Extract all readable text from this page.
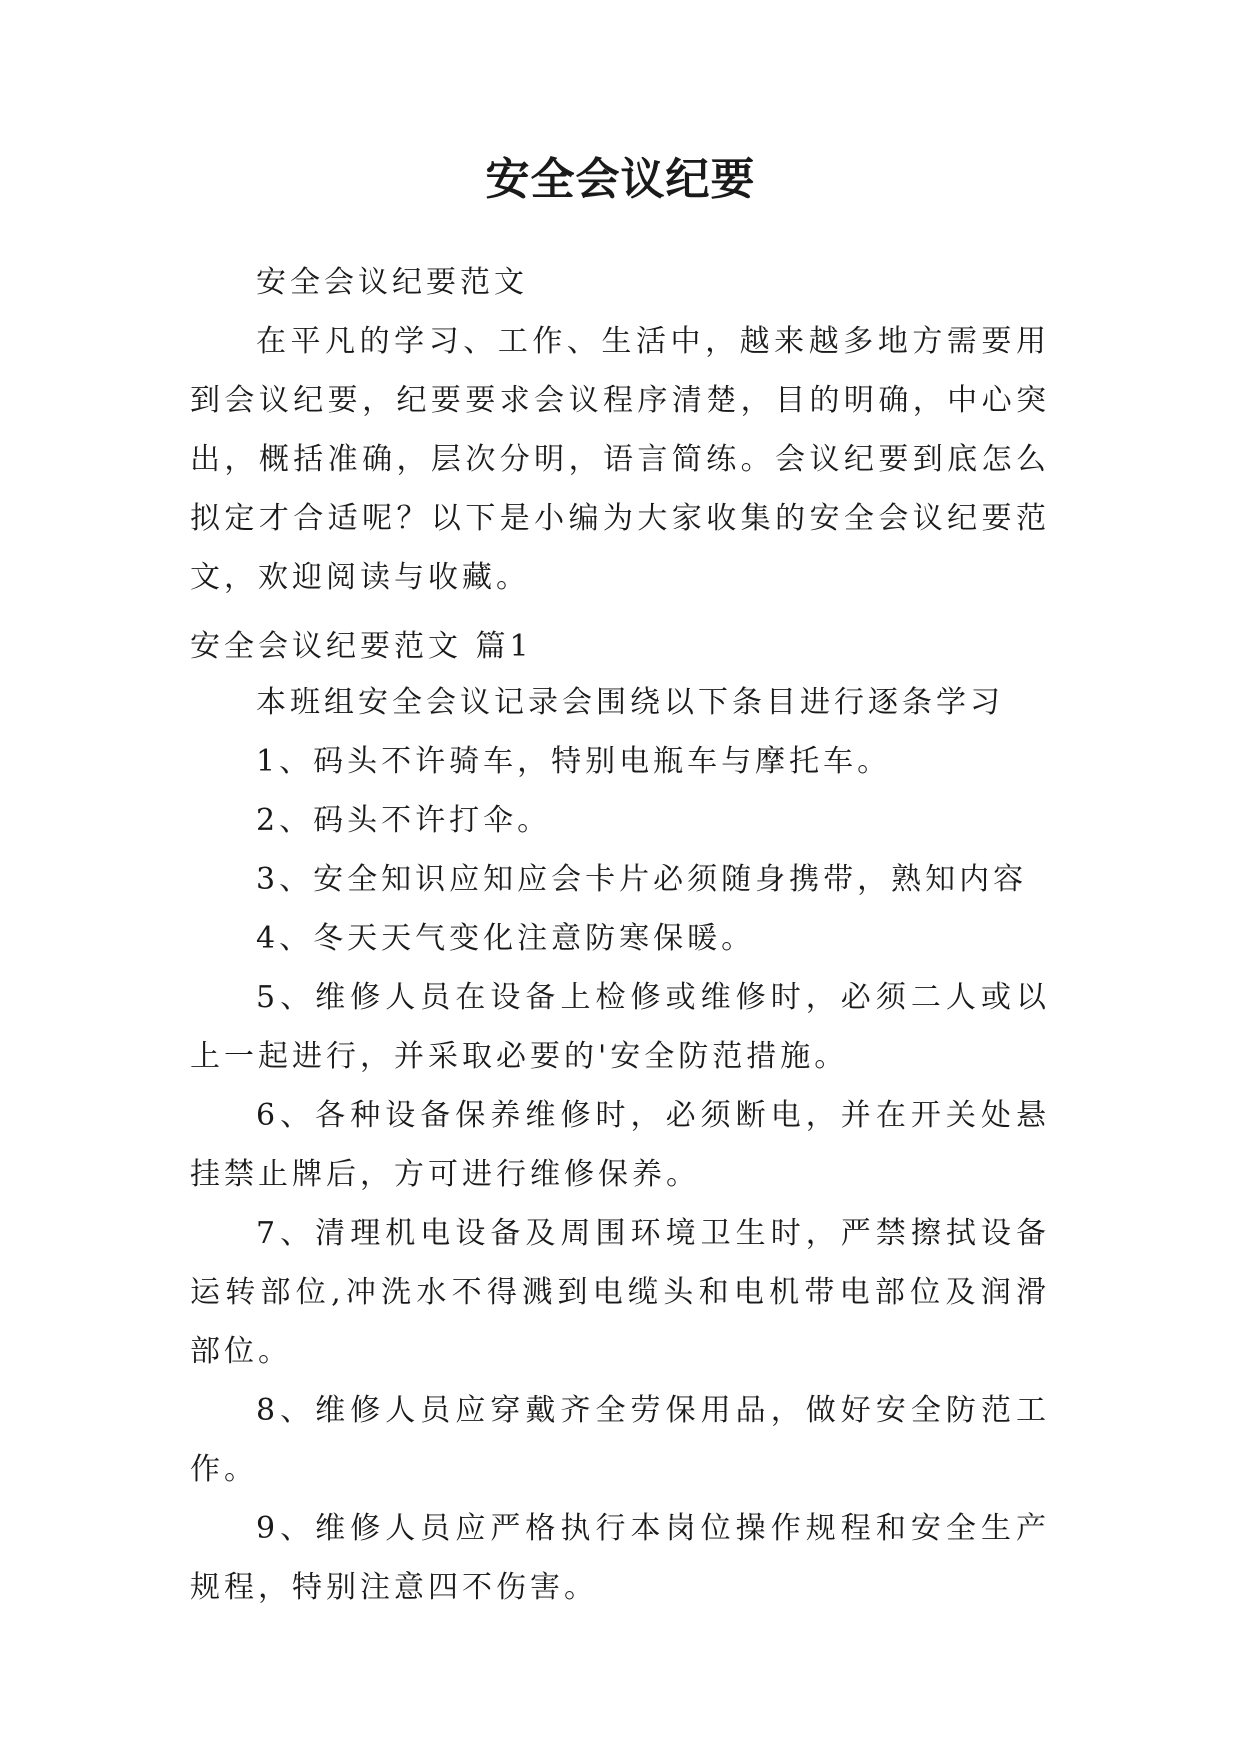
安全会议纪要

安全会议纪要范文

在平凡的学习、工作、生活中，越来越多地方需要用到会议纪要，纪要要求会议程序清楚，目的明确，中心突出，概括准确，层次分明，语言简练。会议纪要到底怎么拟定才合适呢？以下是小编为大家收集的安全会议纪要范文，欢迎阅读与收藏。

安全会议纪要范文 篇1

本班组安全会议记录会围绕以下条目进行逐条学习

1、码头不许骑车，特别电瓶车与摩托车。

2、码头不许打伞。

3、安全知识应知应会卡片必须随身携带，熟知内容

4、冬天天气变化注意防寒保暖。

5、维修人员在设备上检修或维修时，必须二人或以上一起进行，并采取必要的'安全防范措施。

6、各种设备保养维修时，必须断电，并在开关处悬挂禁止牌后，方可进行维修保养。

7、清理机电设备及周围环境卫生时，严禁擦拭设备运转部位,冲洗水不得溅到电缆头和电机带电部位及润滑部位。

8、维修人员应穿戴齐全劳保用品，做好安全防范工作。

9、维修人员应严格执行本岗位操作规程和安全生产规程，特别注意四不伤害。
